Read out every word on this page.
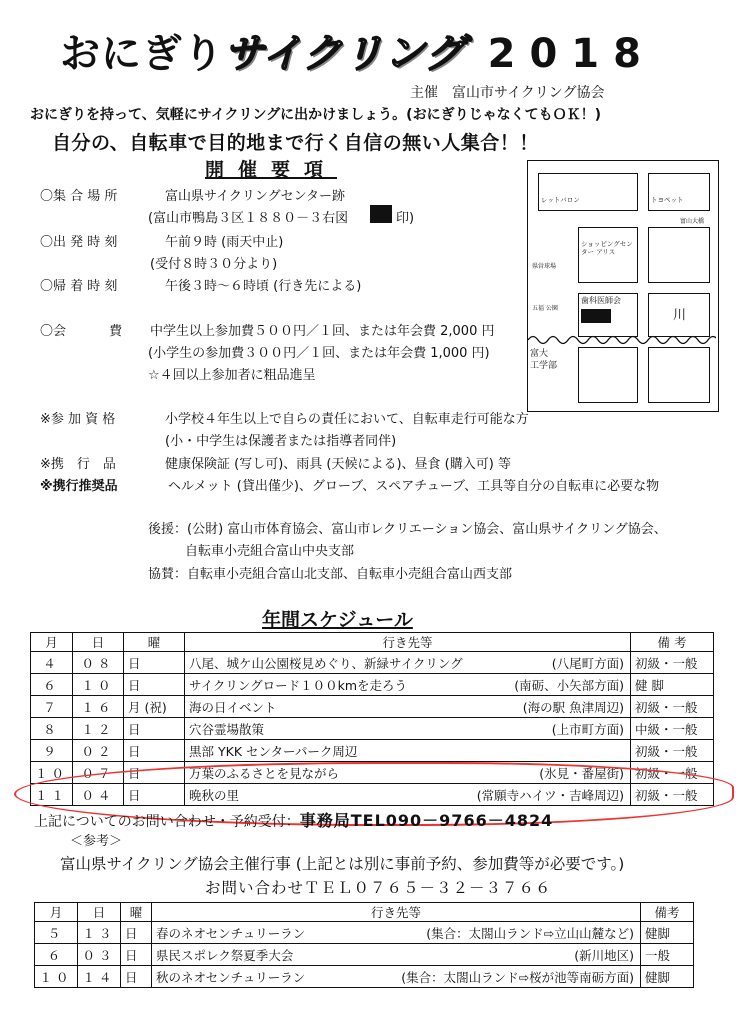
おにぎりサイクリング 2018
主催　富山市サイクリング協会
おにぎりを持って、気軽にサイクリングに出かけましょう。(おにぎりじゃなくてもＯＫ！)
自分の、自転車で目的地まで行く自信の無い人集合！！
開催要項
〇集 合 場 所	富山県サイクリングセンター跡
(富山市鴨島３区１８８０－３右図	印)
〇出 発 時 刻	午前９時 (雨天中止)
(受付８時３０分より)
〇帰 着 時 刻	午後３時～６時頃 (行き先による)
〇会　　　 費 中学生以上参加費５００円／１回、または年会費 2,000 円
(小学生の参加費３００円／１回、または年会費 1,000 円)
☆４回以上参加者に粗品進呈
※参 加 資 格	小学校４年生以上で自らの責任において、自転車走行可能な方
(小・中学生は保護者または指導者同伴)
※携　行　品	健康保険証 (写し可)、雨具 (天候による)、昼食 (購入可) 等
※携行推奨品	ヘルメット (貸出僅少)、グローブ、スペアチューブ、工具等自分の自転車に必要な物
後援：(公財) 富山市体育協会、富山市レクリエーション協会、富山県サイクリング協会、
自転車小売組合富山中央支部
協賛：自転車小売組合富山北支部、自転車小売組合富山西支部
レットバロン	トヨペット
富山大橋
ショッピングセンター アリス
県営球場
五福 公園
歯科医師会
川
富大
工学部
年間スケジュール
月	日	曜	行き先等	備 考
４	０８	日	八尾、城ケ山公園桜見めぐり、新緑サイクリング (八尾町方面)	初級・一般
６	１０	日	サイクリングロード１００kmを走ろう (南砺、小矢部方面)	健 脚
７	１６	月 (祝)	海の日イベント (海の駅 魚津周辺)	初級・一般
８	１２	日	穴谷霊場散策 (上市町方面)	中級・一般
９	０２	日	黒部 YKK センターパーク周辺	初級・一般
１０	０７	日	万葉のふるさとを見ながら (氷見・番屋街)	初級・一般
１１	０４	日	晩秋の里 (常願寺ハイツ・吉峰周辺)	初級・一般
上記についてのお問い合わせ・予約受付：事務局TEL090－9766－4824
＜参考＞
富山県サイクリング協会主催行事 (上記とは別に事前予約、参加費等が必要です。)
お問い合わせＴＥＬ０７６５－３２－３７６６
月	日	曜	行き先等	備考
５	１３	日	春のネオセンチュリーラン (集合：太閤山ランド⇨立山山麓など)	健脚
６	０３	日	県民スポレク祭夏季大会 (新川地区)	一般
１０	１４	日	秋のネオセンチュリーラン (集合：太閤山ランド⇨桜が池等南砺方面)	健脚
